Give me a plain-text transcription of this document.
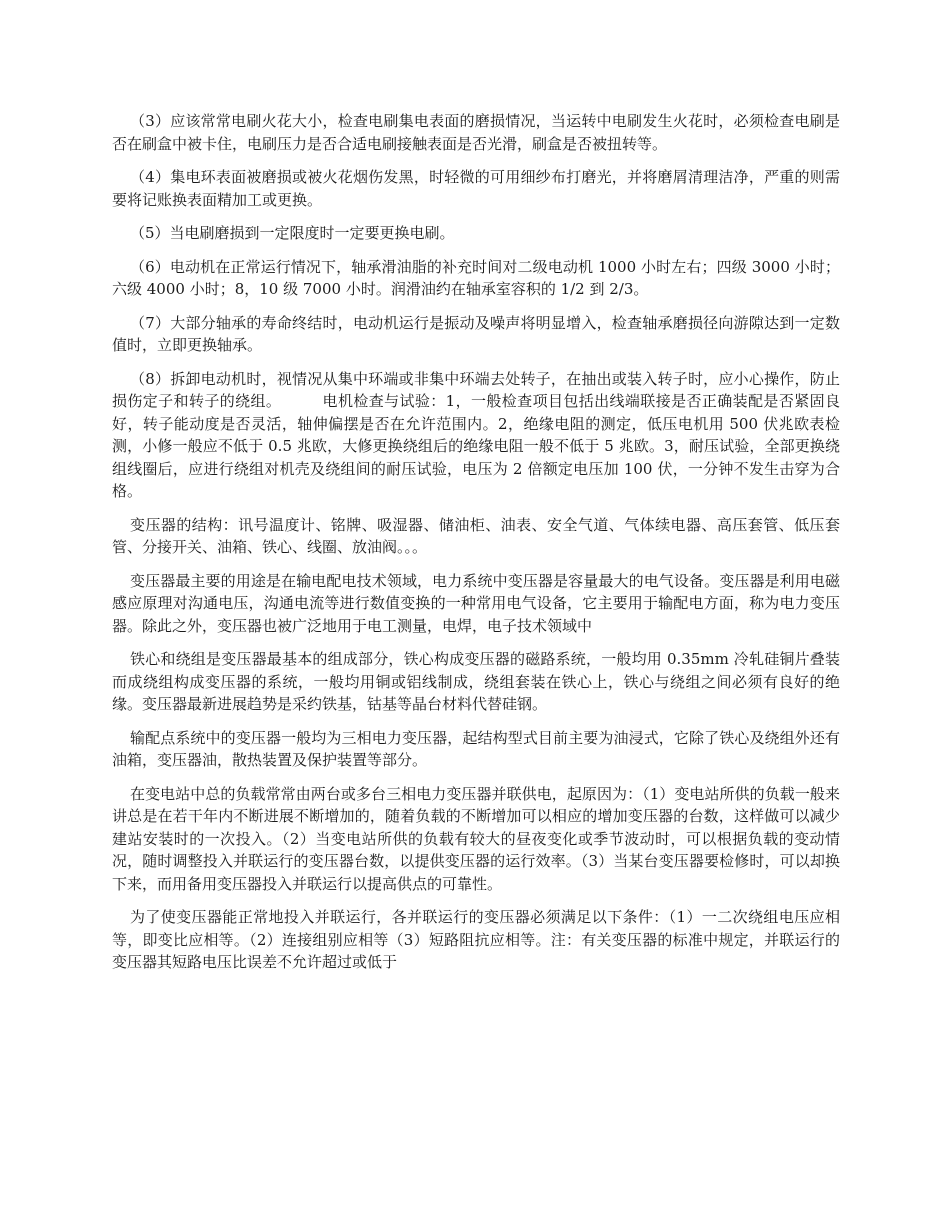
（3）应该常常电刷火花大小，检查电刷集电表面的磨损情况，当运转中电刷发生火花时，必须检查电刷是否在刷盒中被卡住，电刷压力是否合适电刷接触表面是否光滑，刷盒是否被扭转等。

（4）集电环表面被磨损或被火花烟伤发黑，时轻微的可用细纱布打磨光，并将磨屑清理洁净，严重的则需要将记账换表面精加工或更换。

（5）当电刷磨损到一定限度时一定要更换电刷。

（6）电动机在正常运行情况下，轴承滑油脂的补充时间对二级电动机 1000 小时左右；四级 3000 小时；六级 4000 小时；8，10 级 7000 小时。润滑油约在轴承室容积的 1/2 到 2/3。

（7）大部分轴承的寿命终结时，电动机运行是振动及噪声将明显增入，检查轴承磨损径向游隙达到一定数值时，立即更换轴承。

（8）拆卸电动机时，视情况从集中环端或非集中环端去处转子，在抽出或装入转子时，应小心操作，防止损伤定子和转子的绕组。        电机检查与试验：1，一般检查项目包括出线端联接是否正确装配是否紧固良好，转子能动度是否灵活，轴伸偏摆是否在允许范围内。2，绝缘电阻的测定，低压电机用 500 伏兆欧表检测，小修一般应不低于 0.5 兆欧，大修更换绕组后的绝缘电阻一般不低于 5 兆欧。3，耐压试验，全部更换绕组线圈后，应进行绕组对机壳及绕组间的耐压试验，电压为 2 倍额定电压加 100 伏，一分钟不发生击穿为合格。

变压器的结构：讯号温度计、铭牌、吸湿器、储油柜、油表、安全气道、气体续电器、高压套管、低压套管、分接开关、油箱、铁心、线圈、放油阀。。。

变压器最主要的用途是在输电配电技术领域，电力系统中变压器是容量最大的电气设备。变压器是利用电磁感应原理对沟通电压，沟通电流等进行数值变换的一种常用电气设备，它主要用于输配电方面，称为电力变压器。除此之外，变压器也被广泛地用于电工测量，电焊，电子技术领域中

铁心和绕组是变压器最基本的组成部分，铁心构成变压器的磁路系统，一般均用 0.35mm 冷轧硅铜片叠装而成绕组构成变压器的系统，一般均用铜或铝线制成，绕组套装在铁心上，铁心与绕组之间必须有良好的绝缘。变压器最新进展趋势是采约铁基，钴基等晶台材料代替硅钢。

输配点系统中的变压器一般均为三相电力变压器，起结构型式目前主要为油浸式，它除了铁心及绕组外还有油箱，变压器油，散热装置及保护装置等部分。

在变电站中总的负载常常由两台或多台三相电力变压器并联供电，起原因为：（1）变电站所供的负载一般来讲总是在若干年内不断进展不断增加的，随着负载的不断增加可以相应的增加变压器的台数，这样做可以减少建站安装时的一次投入。（2）当变电站所供的负载有较大的昼夜变化或季节波动时，可以根据负载的变动情况，随时调整投入并联运行的变压器台数，以提供变压器的运行效率。（3）当某台变压器要检修时，可以却换下来，而用备用变压器投入并联运行以提高供点的可靠性。

为了使变压器能正常地投入并联运行，各并联运行的变压器必须满足以下条件：（1）一二次绕组电压应相等，即变比应相等。（2）连接组别应相等（3）短路阻抗应相等。注：有关变压器的标准中规定，并联运行的变压器其短路电压比误差不允许超过或低于
